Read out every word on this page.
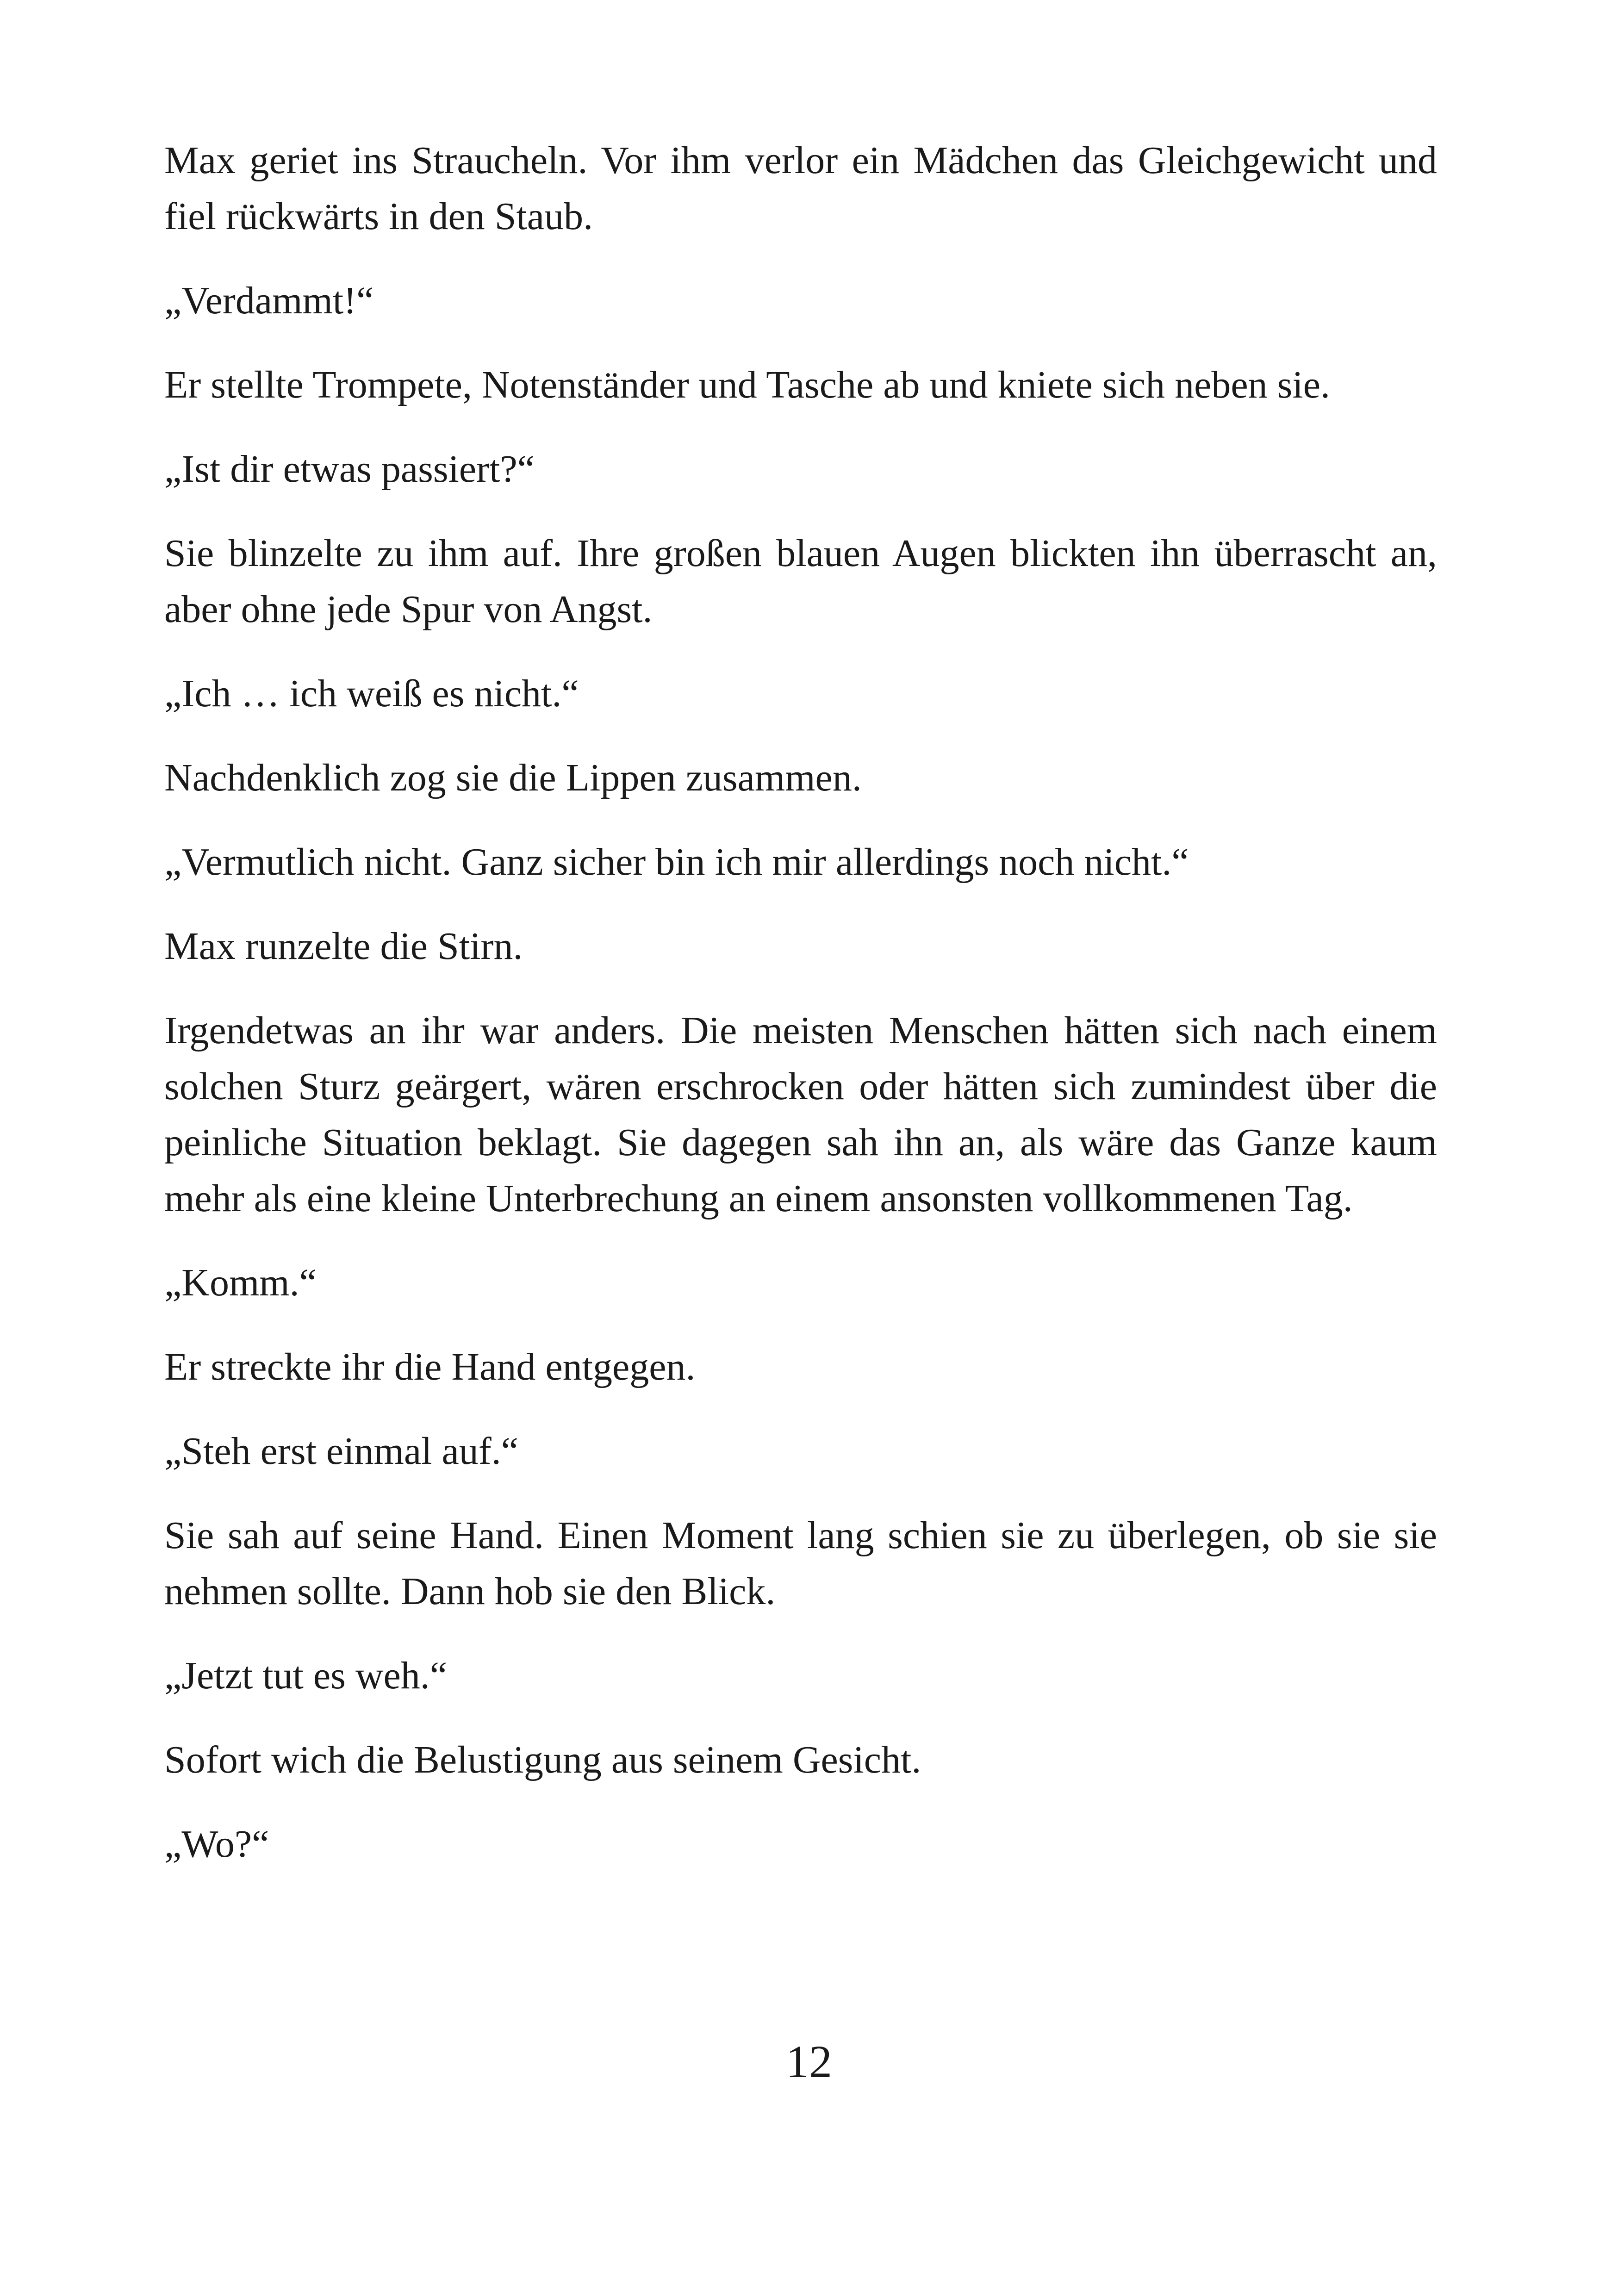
Max geriet ins Straucheln. Vor ihm verlor ein Mädchen das Gleichgewicht und fiel rückwärts in den Staub.

„Verdammt!“

Er stellte Trompete, Notenständer und Tasche ab und kniete sich neben sie.

„Ist dir etwas passiert?“

Sie blinzelte zu ihm auf. Ihre großen blauen Augen blickten ihn überrascht an, aber ohne jede Spur von Angst.

„Ich … ich weiß es nicht.“

Nachdenklich zog sie die Lippen zusammen.

„Vermutlich nicht. Ganz sicher bin ich mir allerdings noch nicht.“

Max runzelte die Stirn.

Irgendetwas an ihr war anders. Die meisten Menschen hätten sich nach einem solchen Sturz geärgert, wären erschrocken oder hätten sich zumindest über die peinliche Situation beklagt. Sie dagegen sah ihn an, als wäre das Ganze kaum mehr als eine kleine Unterbrechung an einem ansonsten vollkommenen Tag.

„Komm.“

Er streckte ihr die Hand entgegen.

„Steh erst einmal auf.“

Sie sah auf seine Hand. Einen Moment lang schien sie zu überlegen, ob sie sie nehmen sollte. Dann hob sie den Blick.

„Jetzt tut es weh.“

Sofort wich die Belustigung aus seinem Gesicht.

„Wo?“

12
